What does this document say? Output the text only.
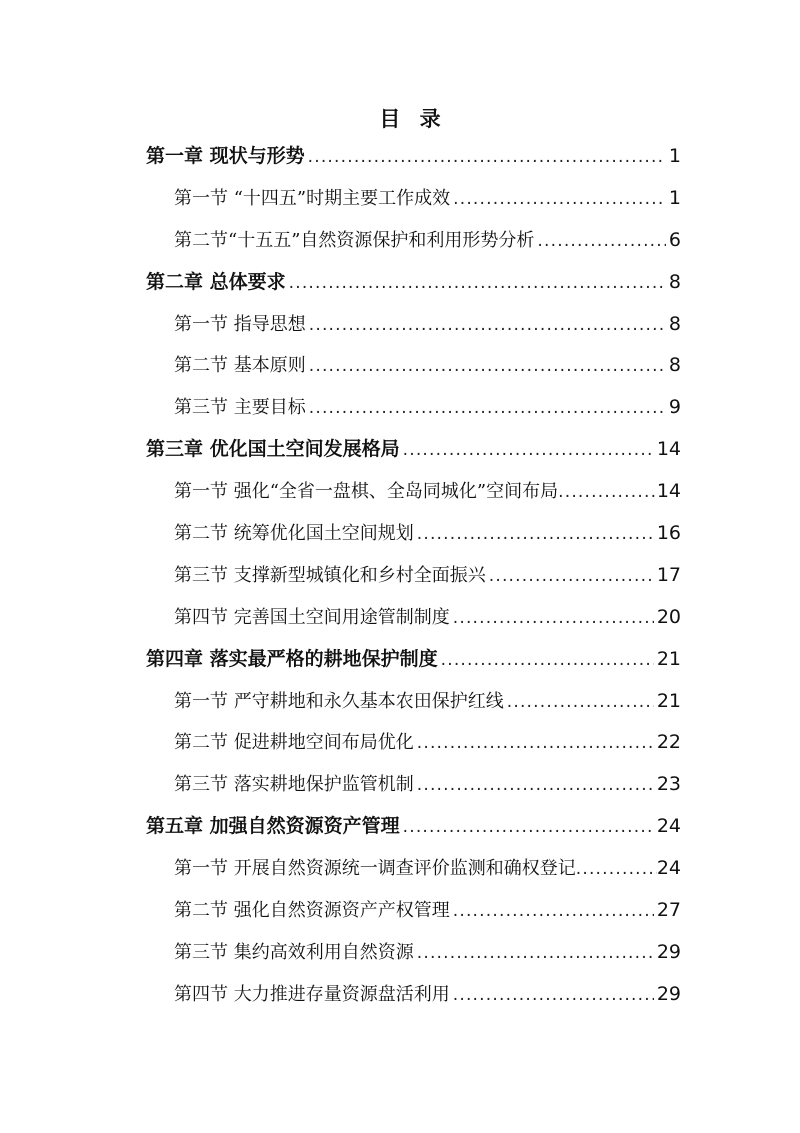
目 录
第一章 现状与形势 .....	1
第一节 “十四五”时期主要工作成效 .....	1
第二节“十五五”自然资源保护和利用形势分析 .....	6
第二章 总体要求 .....	8
第一节 指导思想 .....	8
第二节 基本原则 .....	8
第三节 主要目标 .....	9
第三章 优化国土空间发展格局 .....	14
第一节 强化“全省一盘棋、全岛同城化”空间布局 .....	14
第二节 统筹优化国土空间规划 .....	16
第三节 支撑新型城镇化和乡村全面振兴 .....	17
第四节 完善国土空间用途管制制度 .....	20
第四章 落实最严格的耕地保护制度 .....	21
第一节 严守耕地和永久基本农田保护红线 .....	21
第二节 促进耕地空间布局优化 .....	22
第三节 落实耕地保护监管机制 .....	23
第五章 加强自然资源资产管理 .....	24
第一节 开展自然资源统一调查评价监测和确权登记 .....	24
第二节 强化自然资源资产产权管理 .....	27
第三节 集约高效利用自然资源 .....	29
第四节 大力推进存量资源盘活利用 .....	29
